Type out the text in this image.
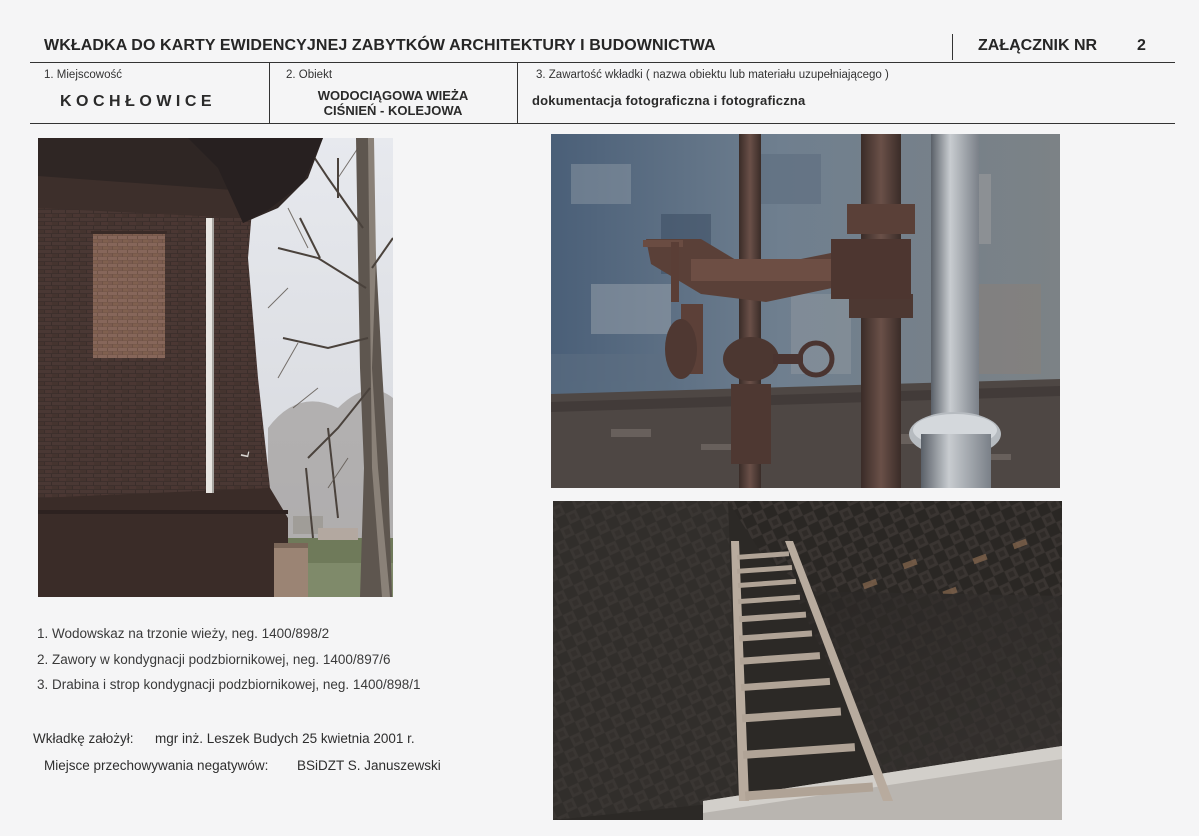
WKŁADKA DO KARTY EWIDENCYJNEJ ZABYTKÓW ARCHITEKTURY I BUDOWNICTWA	ZAŁĄCZNIK NR 2
1. Miejscowość
KOCHŁOWICE
2. Obiekt
WODOCIĄGOWA WIEŻA
CIŚNIEŃ - KOLEJOWA
3. Zawartość wkładki ( nazwa obiektu lub materiału uzupełniającego )
dokumentacja fotograficzna i fotograficzna
L
1. Wodowskaz na trzonie wieży, neg. 1400/898/2
2. Zawory w kondygnacji podzbiornikowej, neg. 1400/897/6
3. Drabina i strop kondygnacji podzbiornikowej, neg. 1400/898/1
Wkładkę założył: mgr inż. Leszek Budych 25 kwietnia 2001 r.
Miejsce przechowywania negatywów: BSiDZT S. Januszewski
